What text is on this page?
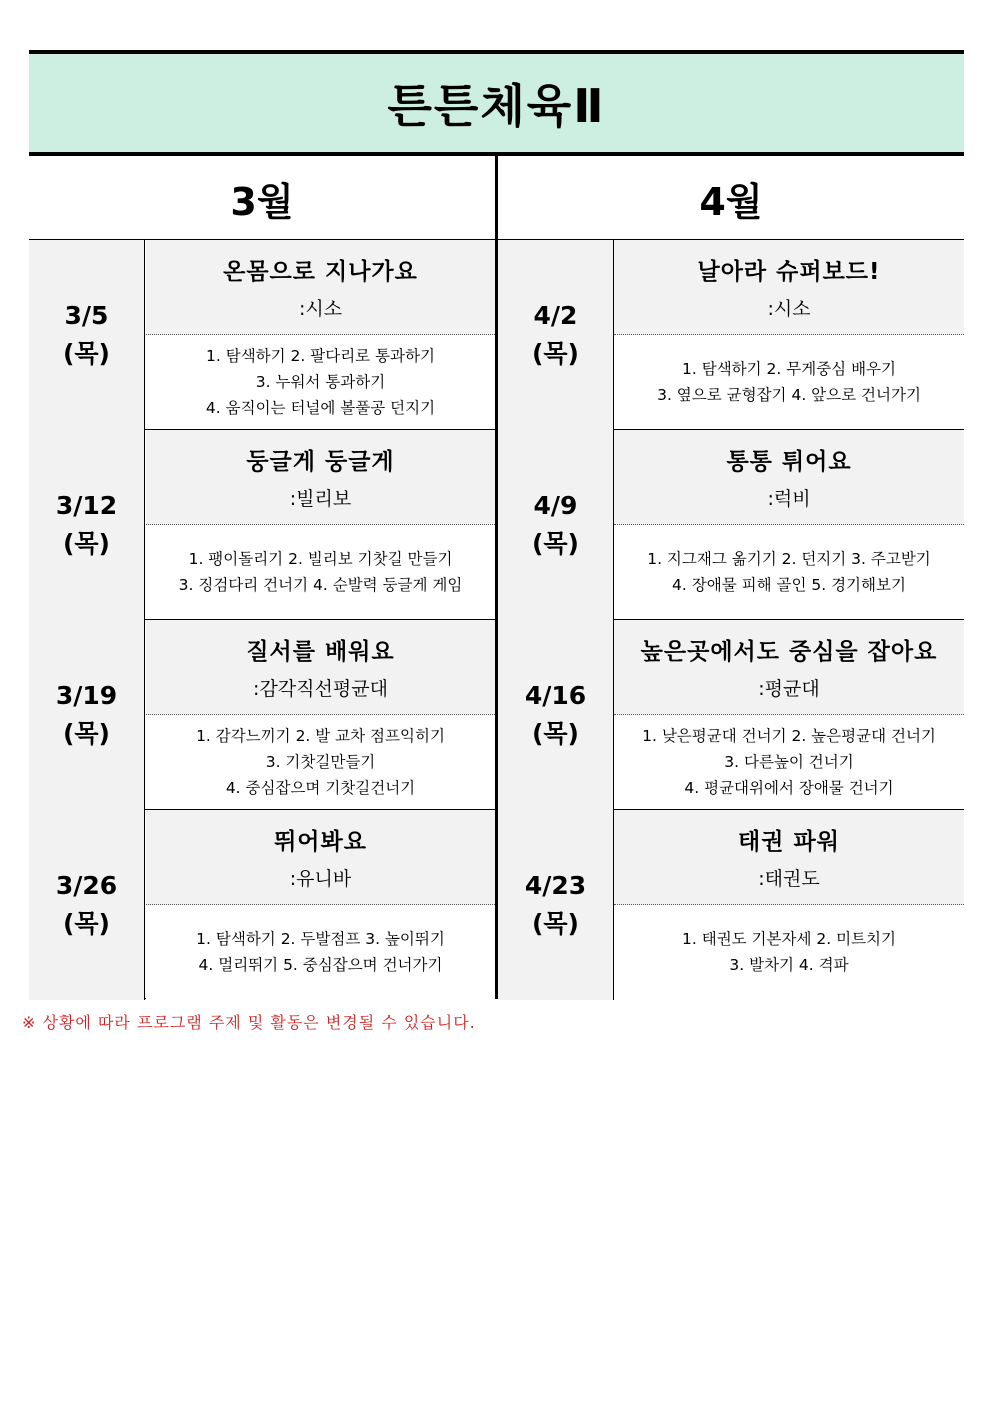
튼튼체육Ⅱ
3월	4월
3/5
(목)
온몸으로 지나가요
:시소
1. 탐색하기 2. 팔다리로 통과하기
3. 누워서 통과하기
4. 움직이는 터널에 볼풀공 던지기
4/2
(목)
날아라 슈퍼보드!
:시소
1. 탐색하기 2. 무게중심 배우기
3. 옆으로 균형잡기 4. 앞으로 건너가기
3/12
(목)
둥글게 둥글게
:빌리보
1. 팽이돌리기 2. 빌리보 기찻길 만들기
3. 징검다리 건너기 4. 순발력 둥글게 게임
4/9
(목)
통통 튀어요
:럭비
1. 지그재그 옮기기 2. 던지기 3. 주고받기
4. 장애물 피해 골인 5. 경기해보기
3/19
(목)
질서를 배워요
:감각직선평균대
1. 감각느끼기 2. 발 교차 점프익히기
3. 기찻길만들기
4. 중심잡으며 기찻길건너기
4/16
(목)
높은곳에서도 중심을 잡아요
:평균대
1. 낮은평균대 건너기 2. 높은평균대 건너기
3. 다른높이 건너기
4. 평균대위에서 장애물 건너기
3/26
(목)
뛰어봐요
:유니바
1. 탐색하기 2. 두발점프 3. 높이뛰기
4. 멀리뛰기 5. 중심잡으며 건너가기
4/23
(목)
태권 파워
:태권도
1. 태권도 기본자세 2. 미트치기
3. 발차기 4. 격파
※ 상황에 따라 프로그램 주제 및 활동은 변경될 수 있습니다.
